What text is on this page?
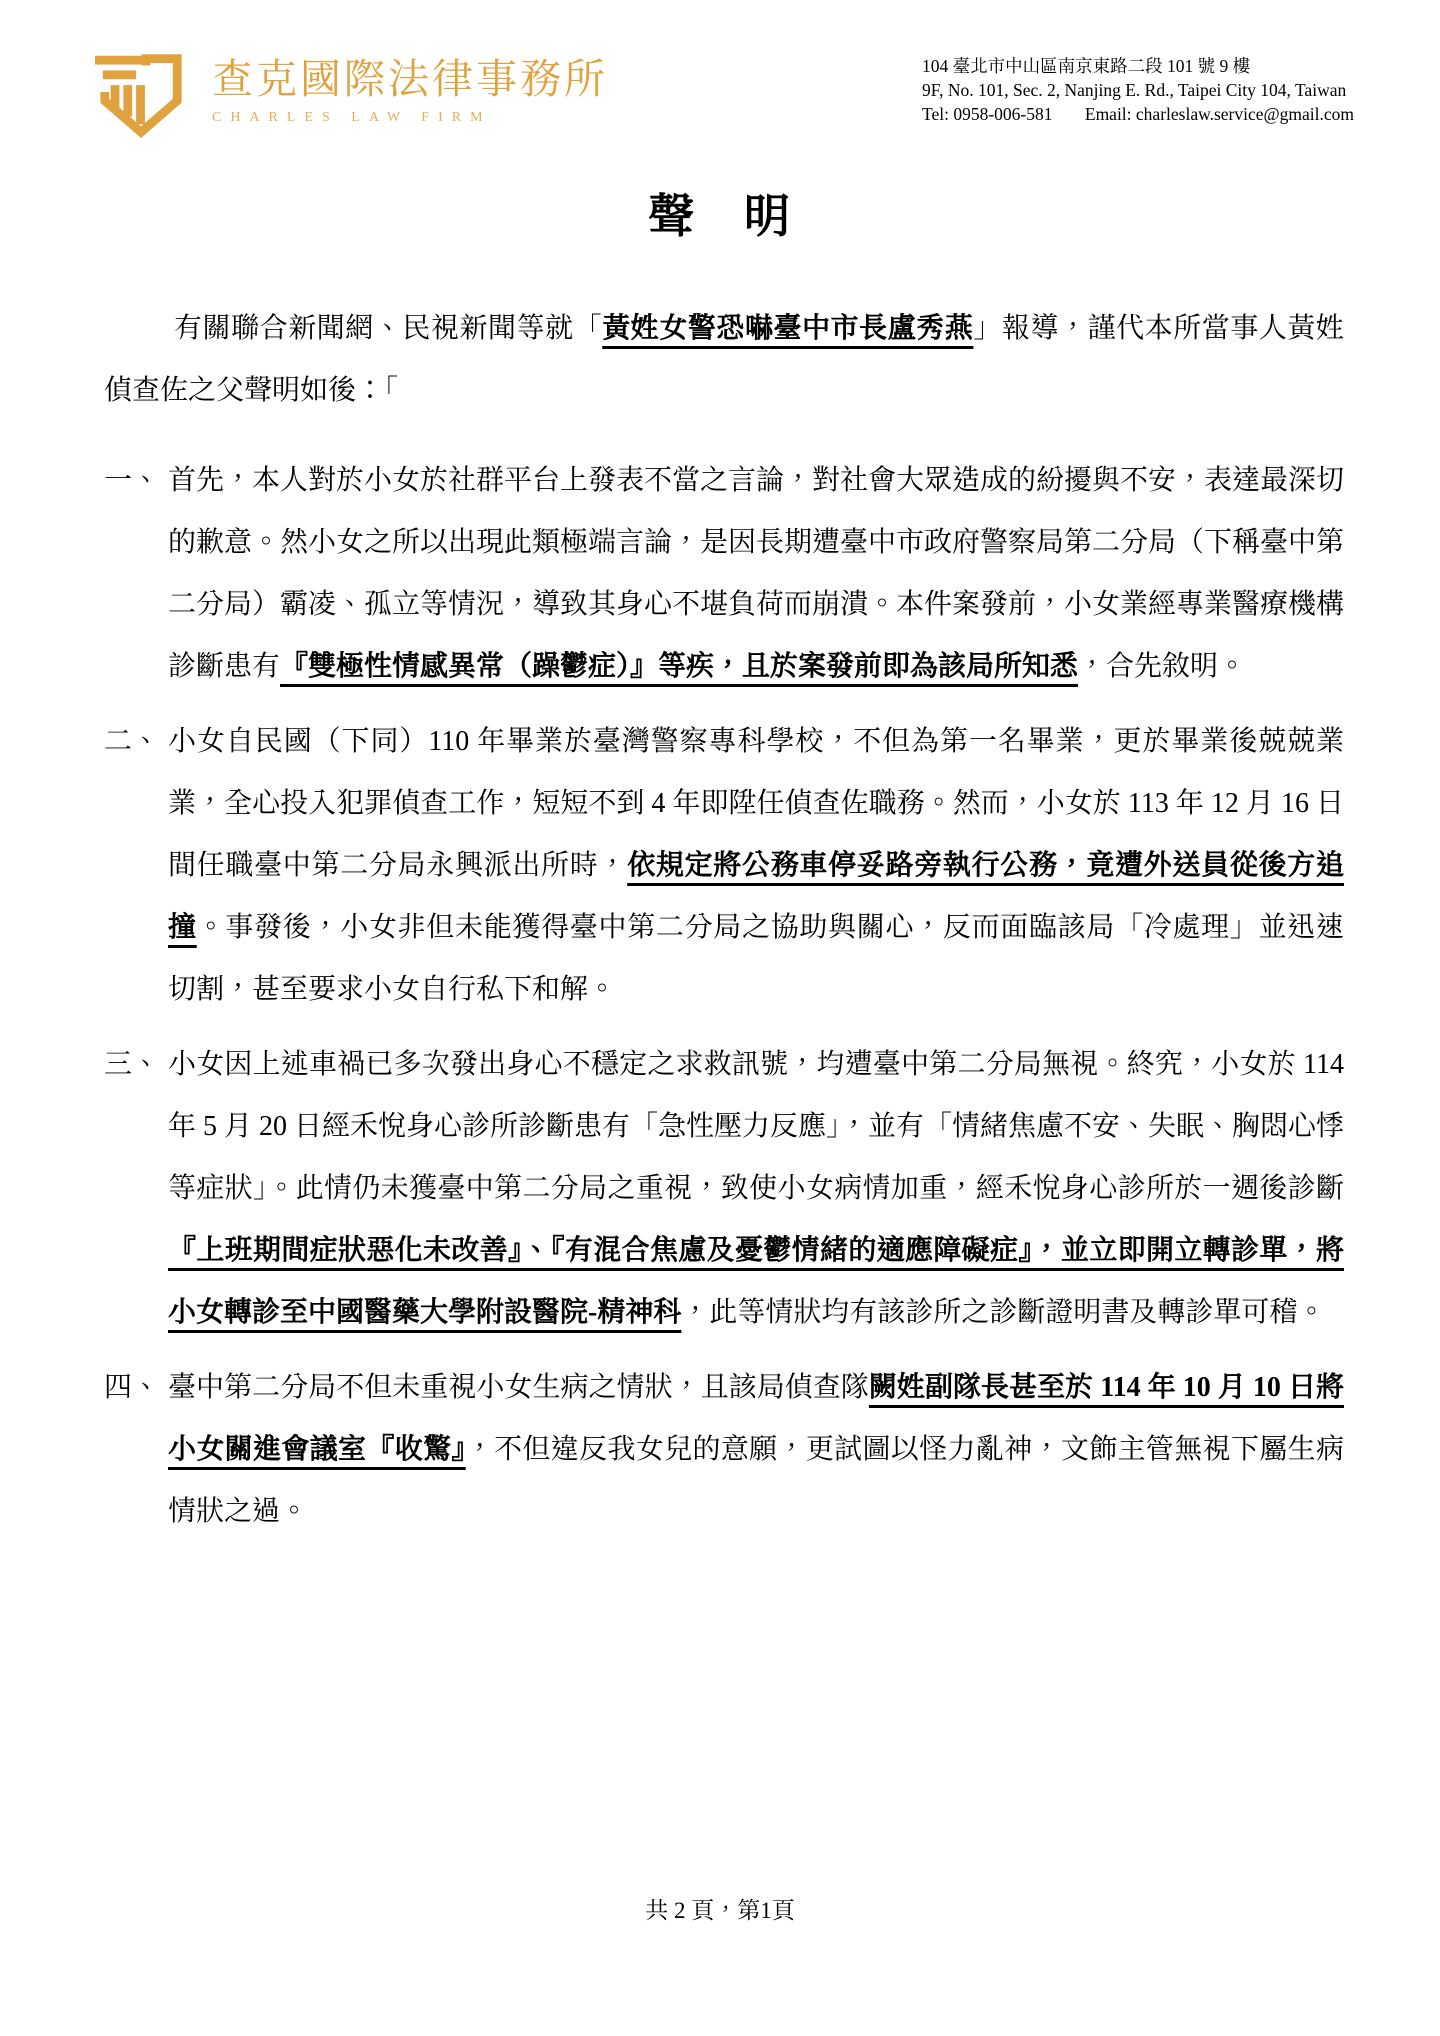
查克國際法律事務所
CHARLES LAW FIRM
104 臺北市中山區南京東路二段 101 號 9 樓
9F, No. 101, Sec. 2, Nanjing E. Rd., Taipei City 104, Taiwan
Tel: 0958-006-581 Email: charleslaw.service@gmail.com
聲　明

有關聯合新聞網、民視新聞等就「黃姓女警恐嚇臺中市長盧秀燕」報導，謹代本所當事人黃姓偵查佐之父聲明如後：「

一、 首先，本人對於小女於社群平台上發表不當之言論，對社會大眾造成的紛擾與不安，表達最深切的歉意。然小女之所以出現此類極端言論，是因長期遭臺中市政府警察局第二分局（下稱臺中第二分局）霸凌、孤立等情況，導致其身心不堪負荷而崩潰。本件案發前，小女業經專業醫療機構診斷患有『雙極性情感異常（躁鬱症）』等疾，且於案發前即為該局所知悉，合先敘明。
二、 小女自民國（下同）110 年畢業於臺灣警察專科學校，不但為第一名畢業，更於畢業後兢兢業業，全心投入犯罪偵查工作，短短不到 4 年即陞任偵查佐職務。然而，小女於 113 年 12 月 16 日間任職臺中第二分局永興派出所時，依規定將公務車停妥路旁執行公務，竟遭外送員從後方追撞。事發後，小女非但未能獲得臺中第二分局之協助與關心，反而面臨該局「冷處理」並迅速切割，甚至要求小女自行私下和解。
三、 小女因上述車禍已多次發出身心不穩定之求救訊號，均遭臺中第二分局無視。終究，小女於 114 年 5 月 20 日經禾悅身心診所診斷患有「急性壓力反應」，並有「情緒焦慮不安、失眠、胸悶心悸等症狀」。此情仍未獲臺中第二分局之重視，致使小女病情加重，經禾悅身心診所於一週後診斷『上班期間症狀惡化未改善』、『有混合焦慮及憂鬱情緒的適應障礙症』，並立即開立轉診單，將小女轉診至中國醫藥大學附設醫院-精神科，此等情狀均有該診所之診斷證明書及轉診單可稽。
四、 臺中第二分局不但未重視小女生病之情狀，且該局偵查隊闕姓副隊長甚至於 114 年 10 月 10 日將小女關進會議室『收驚』，不但違反我女兒的意願，更試圖以怪力亂神，文飾主管無視下屬生病情狀之過。
共 2 頁，第1頁
